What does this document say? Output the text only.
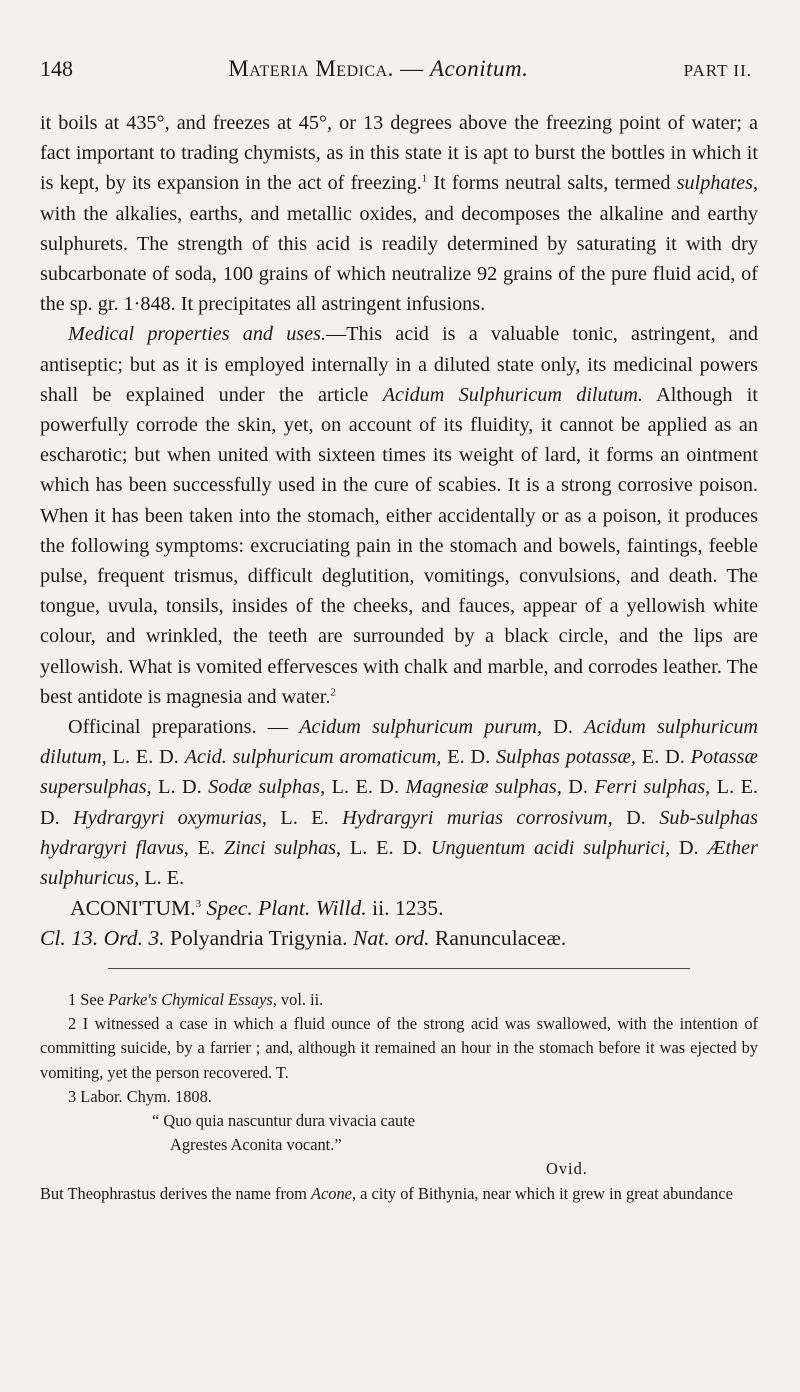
148	Materia Medica. — Aconitum.	PART II.

it boils at 435°, and freezes at 45°, or 13 degrees above the freezing point of water; a fact important to trading chymists, as in this state it is apt to burst the bottles in which it is kept, by its expansion in the act of freezing.$^1$ It forms neutral salts, termed sulphates, with the alkalies, earths, and metallic oxides, and decomposes the alkaline and earthy sulphurets. The strength of this acid is readily determined by saturating it with dry subcarbonate of soda, 100 grains of which neutralize 92 grains of the pure fluid acid, of the sp. gr. 1·848. It precipitates all astringent infusions.

Medical properties and uses.—This acid is a valuable tonic, astringent, and antiseptic; but as it is employed internally in a diluted state only, its medicinal powers shall be explained under the article Acidum Sulphuricum dilutum. Although it powerfully corrode the skin, yet, on account of its fluidity, it cannot be applied as an escharotic; but when united with sixteen times its weight of lard, it forms an ointment which has been successfully used in the cure of scabies. It is a strong corrosive poison. When it has been taken into the stomach, either accidentally or as a poison, it produces the following symptoms: excruciating pain in the stomach and bowels, faintings, feeble pulse, frequent trismus, difficult deglutition, vomitings, convulsions, and death. The tongue, uvula, tonsils, insides of the cheeks, and fauces, appear of a yellowish white colour, and wrinkled, the teeth are surrounded by a black circle, and the lips are yellowish. What is vomited effervesces with chalk and marble, and corrodes leather. The best antidote is magnesia and water.$^2$

Officinal preparations. — Acidum sulphuricum purum, D. Acidum sulphuricum dilutum, L. E. D. Acid. sulphuricum aromaticum, E. D. Sulphas potassæ, E. D. Potassæ supersulphas, L. D. Sodæ sulphas, L. E. D. Magnesiæ sulphas, D. Ferri sulphas, L. E. D. Hydrargyri oxymurias, L. E. Hydrargyri murias corrosivum, D. Sub-sulphas hydrargyri flavus, E. Zinci sulphas, L. E. D. Unguentum acidi sulphurici, D. Æther sulphuricus, L. E.

ACONI'TUM.$^3$ Spec. Plant. Willd. ii. 1235.

Cl. 13. Ord. 3. Polyandria Trigynia. Nat. ord. Ranunculaceæ.

1 See Parke's Chymical Essays, vol. ii.

2 I witnessed a case in which a fluid ounce of the strong acid was swallowed, with the intention of committing suicide, by a farrier ; and, although it remained an hour in the stomach before it was ejected by vomiting, yet the person recovered. T.

3 Labor. Chym. 1808.

“ Quo quia nascuntur dura vivacia caute

Agrestes Aconita vocant.”

Ovid.

But Theophrastus derives the name from Acone, a city of Bithynia, near which it grew in great abundance
